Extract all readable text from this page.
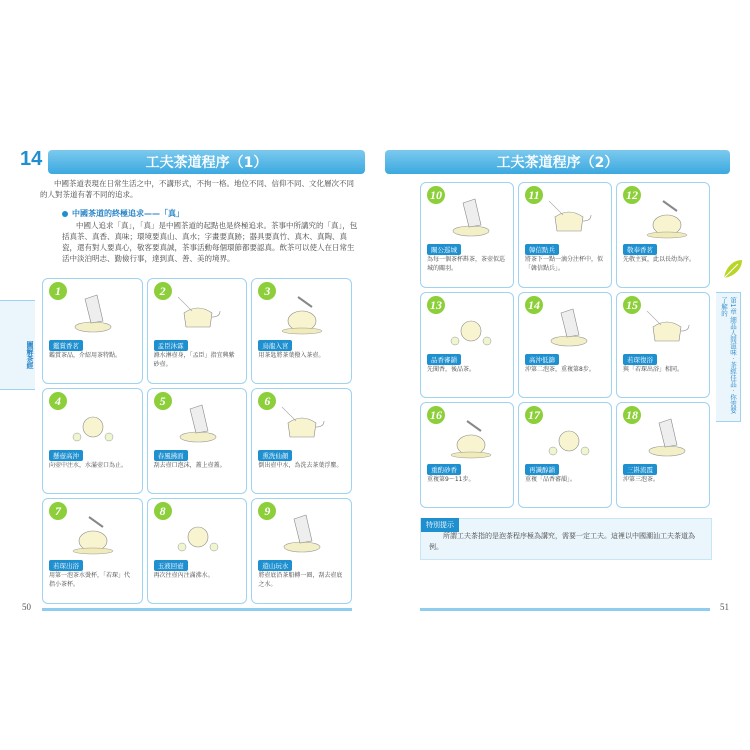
14	工夫茶道程序（1）
中國茶道表現在日常生活之中，不講形式，不拘一格。地位不同、信仰不同、文化層次不同的人對茶道有著不同的追求。
中國茶道的終極追求——「真」
中國人追求「真」，「真」是中國茶道的起點也是終極追求。茶事中所講究的「真」，包括真茶、真香、真味；環境要真山、真水；字畫要真跡；器具要真竹、真木、真陶、真瓷，還有對人要真心，敬客要真誠，茶事活動每個環節都要認真。飲茶可以使人在日常生活中淡泊明志、勤儉行事，達到真、善、美的境界。
1
鑑賞香茗
鑑賞茶品，介紹用茶特點。
2
孟臣沐霖
滌水淋壺身，「孟臣」指宜興紫砂壺。
3
烏龍入宮
用茶匙將茶葉撥入茶壺。
4
懸壺高沖
向壺中注水，水滿壺口為止。
5
春風拂面
刮去壺口泡沫，蓋上壺蓋。
6
熏洗仙顏
倒出壺中水，為洗去茶葉浮塵。
7
若琛出浴
用第一泡茶水燙杯，「若琛」代指小茶杯。
8
玉液回壺
再次往壺內注滿沸水。
9
遊山玩水
將壺底沿茶船轉一圈，刮去壺底之水。
50
圖解茶經
工夫茶道程序（2）
10
關公巡城
為每一個茶杯斟茶，茶壺似巡城的關羽。
11
韓信點兵
將茶下一點一滴分注杯中，似「韓信點兵」。
12
敬奉香茗
先敬主賓，此以長幼為序。
13
品香審韻
先聞香，後品茶。
14
高沖低篩
沖第二泡茶，重複第8步。
15
若琛復浴
與「若琛出浴」相同。
16
重酌砂香
重複第9～11步。
17
再識醇韻
重複「品香審韻」。
18
三斟流霞
沖第三泡茶。
特別提示
所謂工夫茶指的是泡茶程序極為講究，需要一定工夫。這裡以中國潮汕工夫茶道為例。
51
第1章 細品人間滋味 · 茶經佳品 · 你需要了解的
